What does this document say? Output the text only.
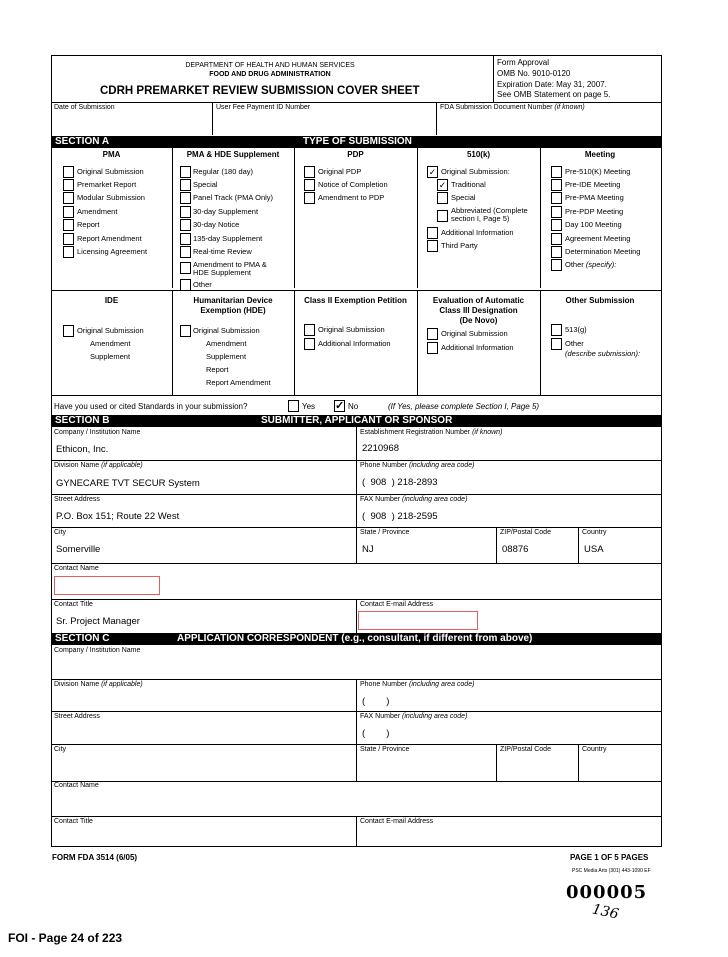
DEPARTMENT OF HEALTH AND HUMAN SERVICES
FOOD AND DRUG ADMINISTRATION
CDRH PREMARKET REVIEW SUBMISSION COVER SHEET
Form Approval
OMB No. 9010-0120
Expiration Date: May 31, 2007.
See OMB Statement on page 5.
Date of Submission	User Fee Payment ID Number	FDA Submission Document Number (if known)
SECTION A	TYPE OF SUBMISSION
PMA
Original Submission
Premarket Report
Modular Submission
Amendment
Report
Report Amendment
Licensing Agreement
PMA & HDE Supplement
Regular (180 day)
Special
Panel Track (PMA Only)
30-day Supplement
30-day Notice
135-day Supplement
Real-time Review
Amendment to PMA &
HDE Supplement
Other
PDP
Original PDP
Notice of Completion
Amendment to PDP
510(k)
✓ Original Submission:
✓ Traditional
Special
Abbreviated (Complete
section I, Page 5)
Additional Information
Third Party
Meeting
Pre-510(K) Meeting
Pre-IDE Meeting
Pre-PMA Meeting
Pre-PDP Meeting
Day 100 Meeting
Agreement Meeting
Determination Meeting
Other (specify):
IDE
Original Submission
Amendment
Supplement
Humanitarian Device
Exemption (HDE)
Original Submission
Amendment
Supplement
Report
Report Amendment
Class II Exemption Petition
Original Submission
Additional Information
Evaluation of Automatic
Class III Designation
(De Novo)
Original Submission
Additional Information
Other Submission
513(g)
Other
(describe submission):
Have you used or cited Standards in your submission?	Yes ✓ No	(If Yes, please complete Section I, Page 5)
SECTION B	SUBMITTER, APPLICANT OR SPONSOR
Company / Institution Name
Ethicon, Inc.
Establishment Registration Number (if known)
2210968
Division Name (if applicable)
GYNECARE TVT SECUR System
Phone Number (including area code)
(  908  ) 218-2893
Street Address
P.O. Box 151; Route 22 West
FAX Number (including area code)
(  908  ) 218-2595
City
Somerville
State / Province
NJ
ZIP/Postal Code
08876
Country
USA
Contact Name
Contact Title
Sr. Project Manager
Contact E-mail Address
SECTION C	APPLICATION CORRESPONDENT (e.g., consultant, if different from above)
Company / Institution Name
Division Name (if applicable)	Phone Number (including area code)
( )
Street Address	FAX Number (including area code)
( )
City	State / Province	ZIP/Postal Code	Country
Contact Name
Contact Title	Contact E-mail Address
FORM FDA 3514 (6/05)	PAGE 1 OF 5 PAGES
PSC Media Arts (301) 443-1090 EF
000005
136
FOI - Page 24 of 223
